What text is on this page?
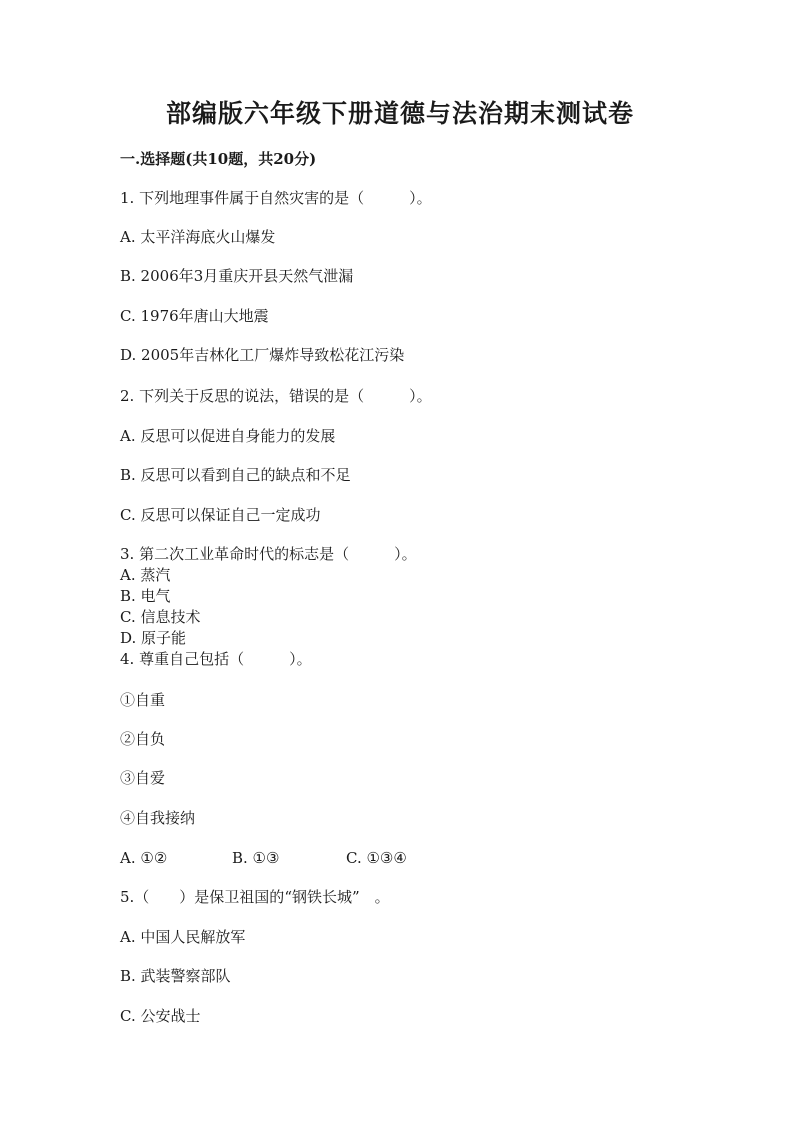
部编版六年级下册道德与法治期末测试卷
一.选择题(共10题，共20分)
1. 下列地理事件属于自然灾害的是（　　　）。
A. 太平洋海底火山爆发
B. 2006年3月重庆开县天然气泄漏
C. 1976年唐山大地震
D. 2005年吉林化工厂爆炸导致松花江污染
2. 下列关于反思的说法，错误的是（　　　）。
A. 反思可以促进自身能力的发展
B. 反思可以看到自己的缺点和不足
C. 反思可以保证自己一定成功
3. 第二次工业革命时代的标志是（　　　）。
A. 蒸汽
B. 电气
C. 信息技术
D. 原子能
4. 尊重自己包括（　　　）。
①自重
②自负
③自爱
④自我接纳
A. ①②	B. ①③	C. ①③④
5.（　　）是保卫祖国的“钢铁长城”　。
A. 中国人民解放军
B. 武装警察部队
C. 公安战士
